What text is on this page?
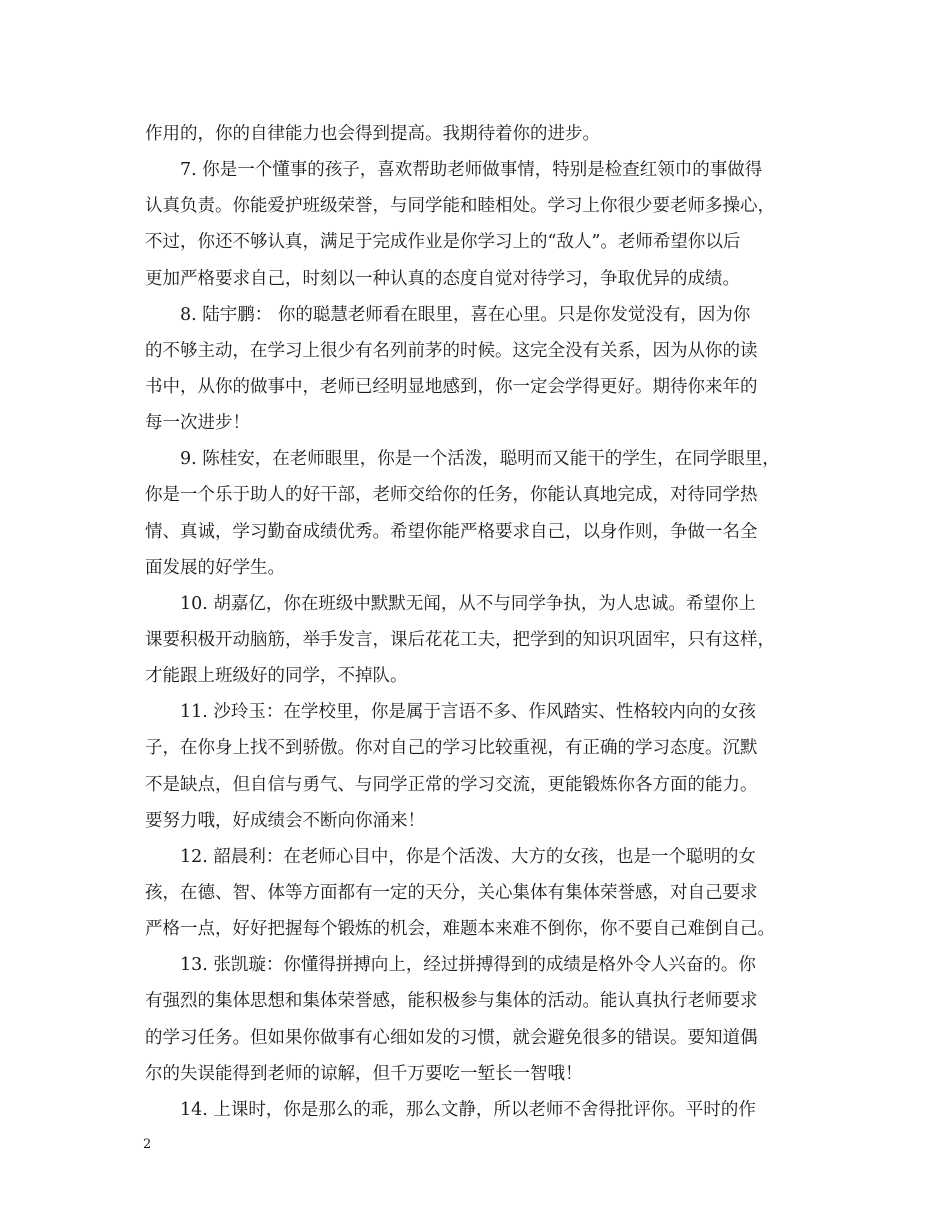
作用的，你的自律能力也会得到提高。我期待着你的进步。
7. 你是一个懂事的孩子，喜欢帮助老师做事情，特别是检查红领巾的事做得
认真负责。你能爱护班级荣誉，与同学能和睦相处。学习上你很少要老师多操心，
不过，你还不够认真，满足于完成作业是你学习上的“敌人”。老师希望你以后
更加严格要求自己，时刻以一种认真的态度自觉对待学习，争取优异的成绩。
8. 陆宇鹏： 你的聪慧老师看在眼里，喜在心里。只是你发觉没有，因为你
的不够主动，在学习上很少有名列前茅的时候。这完全没有关系，因为从你的读
书中，从你的做事中，老师已经明显地感到，你一定会学得更好。期待你来年的
每一次进步！
9. 陈桂安，在老师眼里，你是一个活泼，聪明而又能干的学生，在同学眼里，
你是一个乐于助人的好干部，老师交给你的任务，你能认真地完成，对待同学热
情、真诚，学习勤奋成绩优秀。希望你能严格要求自己，以身作则，争做一名全
面发展的好学生。
10. 胡嘉亿，你在班级中默默无闻，从不与同学争执，为人忠诚。希望你上
课要积极开动脑筋，举手发言，课后花花工夫，把学到的知识巩固牢，只有这样，
才能跟上班级好的同学，不掉队。
11. 沙玲玉：在学校里，你是属于言语不多、作风踏实、性格较内向的女孩
子，在你身上找不到骄傲。你对自己的学习比较重视，有正确的学习态度。沉默
不是缺点，但自信与勇气、与同学正常的学习交流，更能锻炼你各方面的能力。
要努力哦，好成绩会不断向你涌来！
12. 韶晨利：在老师心目中，你是个活泼、大方的女孩，也是一个聪明的女
孩，在德、智、体等方面都有一定的天分，关心集体有集体荣誉感，对自己要求
严格一点，好好把握每个锻炼的机会，难题本来难不倒你，你不要自己难倒自己。
13. 张凯璇：你懂得拼搏向上，经过拼搏得到的成绩是格外令人兴奋的。你
有强烈的集体思想和集体荣誉感，能积极参与集体的活动。能认真执行老师要求
的学习任务。但如果你做事有心细如发的习惯，就会避免很多的错误。要知道偶
尔的失误能得到老师的谅解，但千万要吃一堑长一智哦！
14. 上课时，你是那么的乖，那么文静，所以老师不舍得批评你。平时的作
2
